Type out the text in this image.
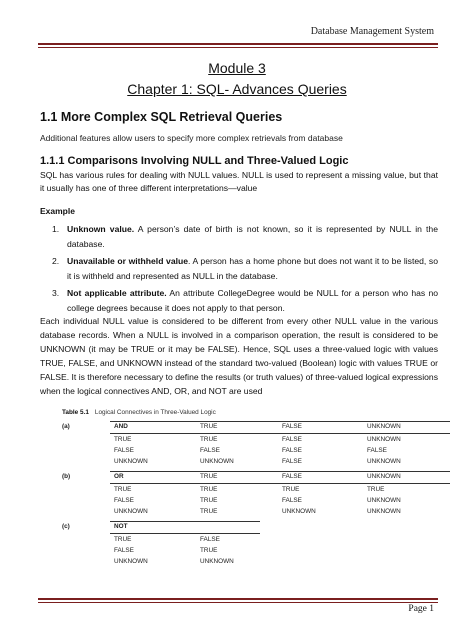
Database Management System
Module 3
Chapter 1: SQL- Advances Queries
1.1 More Complex SQL Retrieval Queries
Additional features allow users to specify more complex retrievals from database
1.1.1 Comparisons Involving NULL and Three-Valued Logic
SQL has various rules for dealing with NULL values. NULL is used to represent a missing value, but that it usually has one of three different interpretations—value
Example
1. Unknown value. A person’s date of birth is not known, so it is represented by NULL in the database.
2. Unavailable or withheld value. A person has a home phone but does not want it to be listed, so it is withheld and represented as NULL in the database.
3. Not applicable attribute. An attribute CollegeDegree would be NULL for a person who has no college degrees because it does not apply to that person.
Each individual NULL value is considered to be different from every other NULL value in the various database records. When a NULL is involved in a comparison operation, the result is considered to be UNKNOWN (it may be TRUE or it may be FALSE). Hence, SQL uses a three-valued logic with values TRUE, FALSE, and UNKNOWN instead of the standard two-valued (Boolean) logic with values TRUE or FALSE. It is therefore necessary to define the results (or truth values) of three-valued logical expressions when the logical connectives AND, OR, and NOT are used
Table 5.1 Logical Connectives in Three-Valued Logic
(a)	AND	TRUE	FALSE	UNKNOWN
TRUE	TRUE	FALSE	UNKNOWN
FALSE	FALSE	FALSE	FALSE
UNKNOWN	UNKNOWN	FALSE	UNKNOWN
(b)	OR	TRUE	FALSE	UNKNOWN
TRUE	TRUE	TRUE	TRUE
FALSE	TRUE	FALSE	UNKNOWN
UNKNOWN	TRUE	UNKNOWN	UNKNOWN
(c)	NOT
TRUE	FALSE
FALSE	TRUE
UNKNOWN	UNKNOWN
Page 1
